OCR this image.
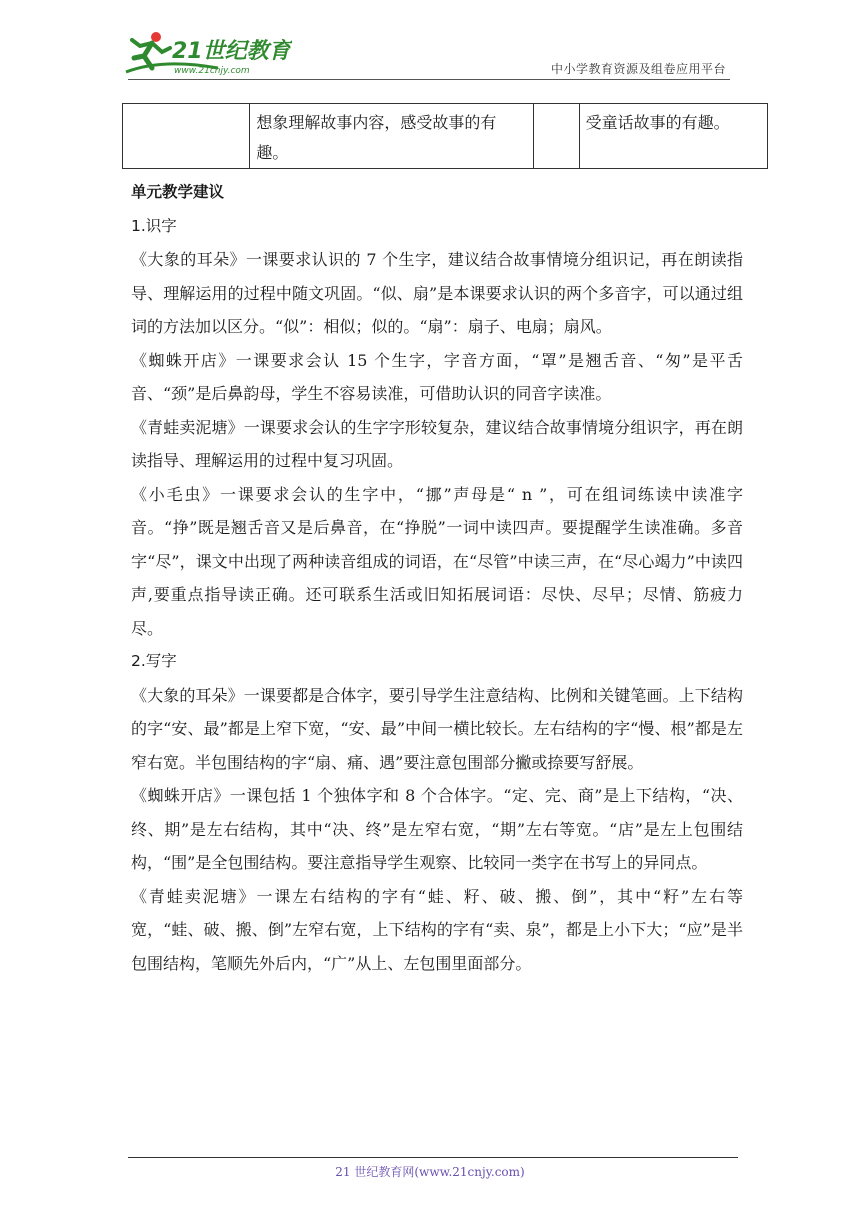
21世纪教育
www.21cnjy.com	中小学教育资源及组卷应用平台
	想象理解故事内容，感受故事的有趣。		受童话故事的有趣。

单元教学建议

1.识字

《大象的耳朵》一课要求认识的 7 个生字，建议结合故事情境分组识记，再在朗读指导、理解运用的过程中随文巩固。“似、扇”是本课要求认识的两个多音字，可以通过组词的方法加以区分。“似”：相似；似的。“扇”：扇子、电扇；扇风。

《蜘蛛开店》一课要求会认 15 个生字，字音方面，“罩”是翘舌音、“匆”是平舌音、“颈”是后鼻韵母，学生不容易读准，可借助认识的同音字读准。

《青蛙卖泥塘》一课要求会认的生字字形较复杂，建议结合故事情境分组识字，再在朗读指导、理解运用的过程中复习巩固。

《小毛虫》一课要求会认的生字中，“挪”声母是“ n ”，可在组词练读中读准字音。“挣”既是翘舌音又是后鼻音，在“挣脱”一词中读四声。要提醒学生读准确。多音字“尽”，课文中出现了两种读音组成的词语，在“尽管”中读三声，在“尽心竭力”中读四声,要重点指导读正确。还可联系生活或旧知拓展词语：尽快、尽早；尽情、筋疲力尽。

2.写字

《大象的耳朵》一课要都是合体字，要引导学生注意结构、比例和关键笔画。上下结构的字“安、最”都是上窄下宽，“安、最”中间一横比较长。左右结构的字“慢、根”都是左窄右宽。半包围结构的字“扇、痛、遇”要注意包围部分撇或捺要写舒展。

《蜘蛛开店》一课包括 1 个独体字和 8 个合体字。“定、完、商”是上下结构，“决、终、期”是左右结构，其中“决、终”是左窄右宽，“期”左右等宽。“店”是左上包围结构，“围”是全包围结构。要注意指导学生观察、比较同一类字在书写上的异同点。

《青蛙卖泥塘》一课左右结构的字有“蛙、籽、破、搬、倒”，其中“籽”左右等宽，“蛙、破、搬、倒”左窄右宽，上下结构的字有“卖、泉”，都是上小下大；“应”是半包围结构，笔顺先外后内，“广”从上、左包围里面部分。

21 世纪教育网(www.21cnjy.com)
